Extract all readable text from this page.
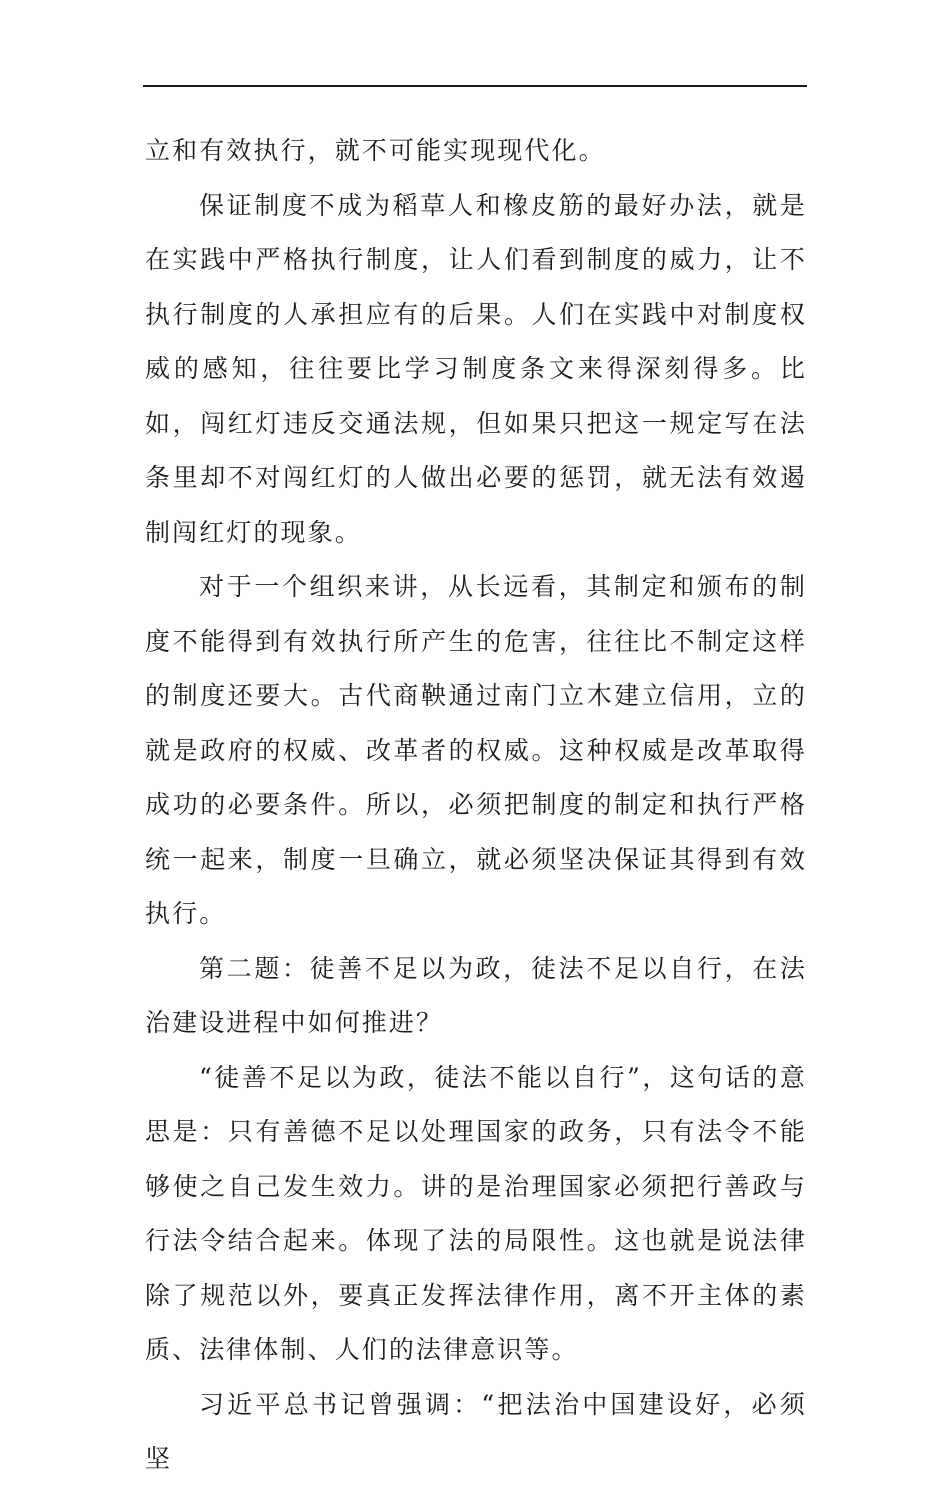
立和有效执行，就不可能实现现代化。

保证制度不成为稻草人和橡皮筋的最好办法，就是在实践中严格执行制度，让人们看到制度的威力，让不执行制度的人承担应有的后果。人们在实践中对制度权威的感知，往往要比学习制度条文来得深刻得多。比如，闯红灯违反交通法规，但如果只把这一规定写在法条里却不对闯红灯的人做出必要的惩罚，就无法有效遏制闯红灯的现象。

对于一个组织来讲，从长远看，其制定和颁布的制度不能得到有效执行所产生的危害，往往比不制定这样的制度还要大。古代商鞅通过南门立木建立信用，立的就是政府的权威、改革者的权威。这种权威是改革取得成功的必要条件。所以，必须把制度的制定和执行严格统一起来，制度一旦确立，就必须坚决保证其得到有效执行。

第二题：徒善不足以为政，徒法不足以自行，在法治建设进程中如何推进？

“徒善不足以为政，徒法不能以自行”，这句话的意思是：只有善德不足以处理国家的政务，只有法令不能够使之自己发生效力。讲的是治理国家必须把行善政与行法令结合起来。体现了法的局限性。这也就是说法律除了规范以外，要真正发挥法律作用，离不开主体的素质、法律体制、人们的法律意识等。

习近平总书记曾强调：“把法治中国建设好，必须坚
